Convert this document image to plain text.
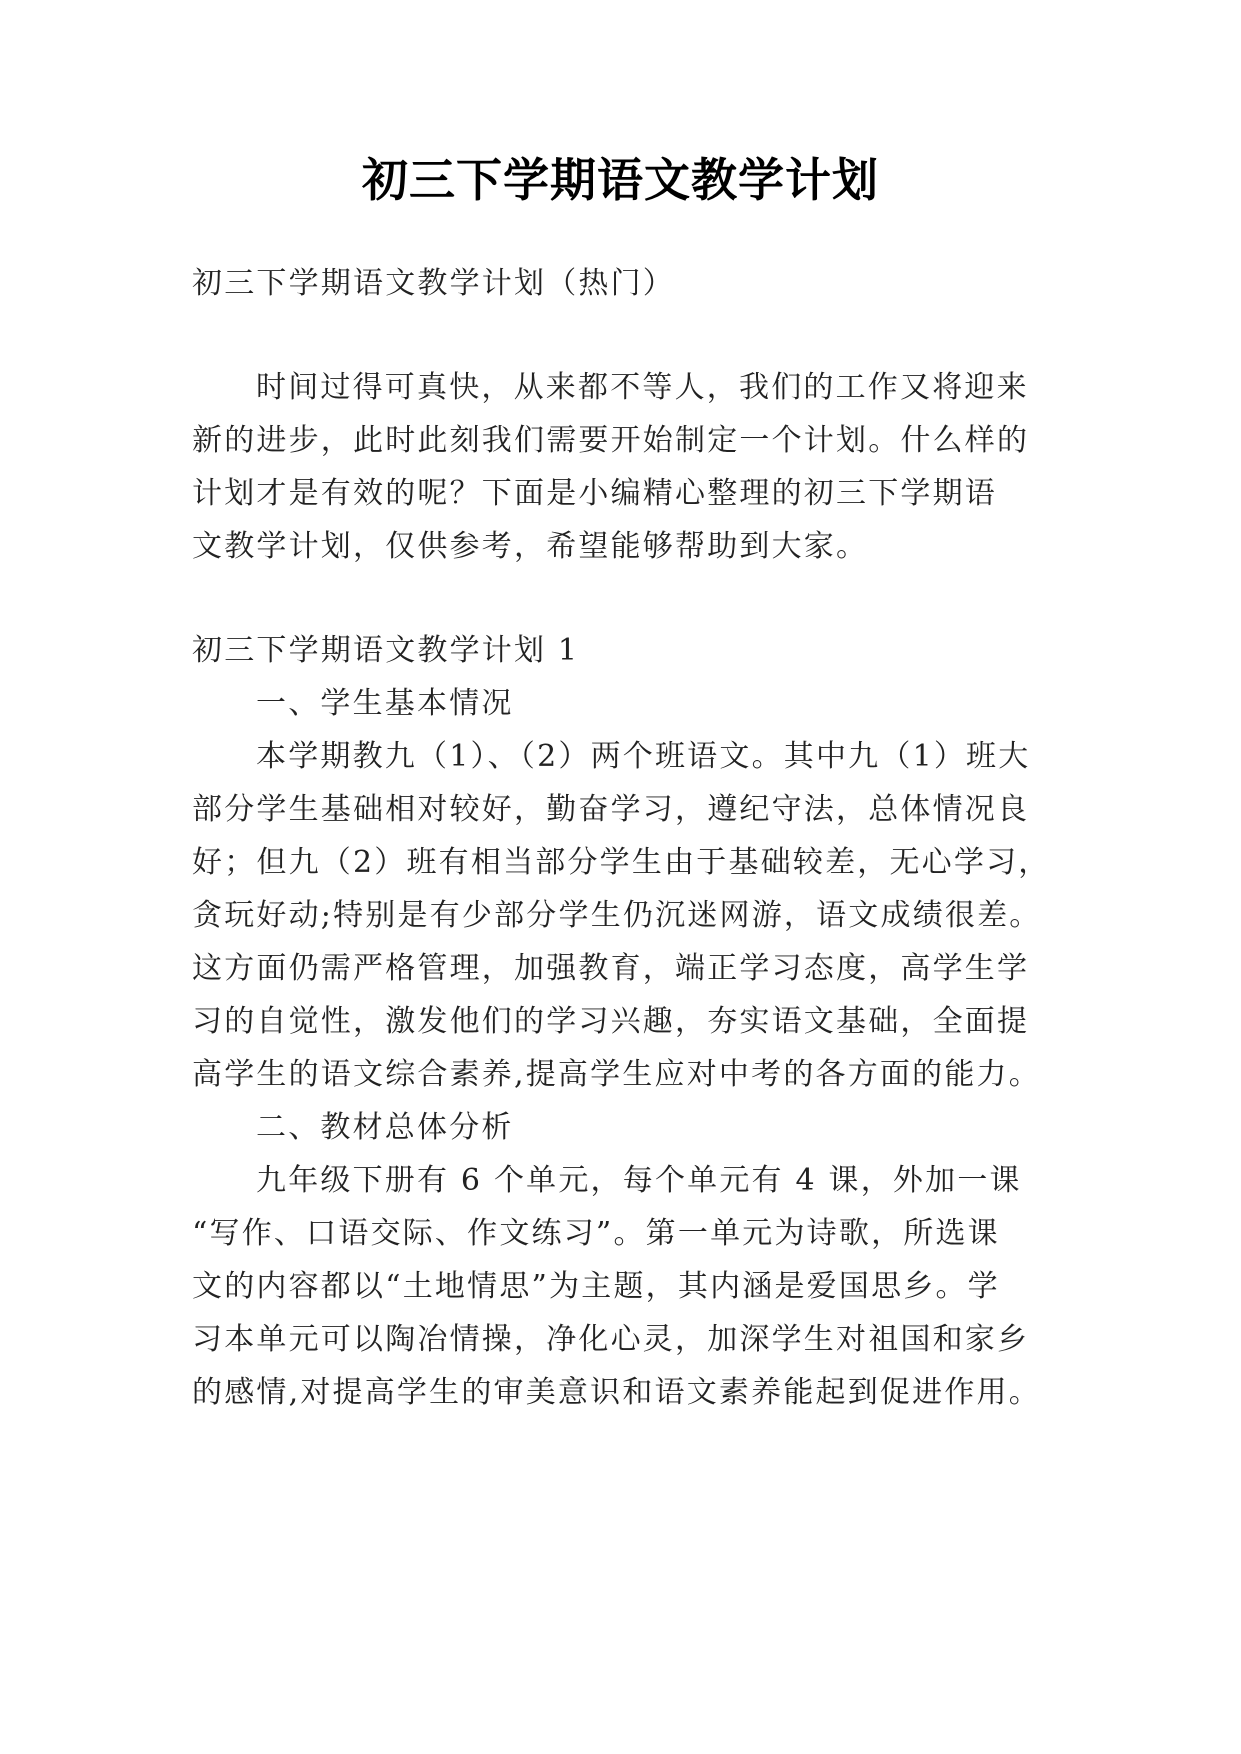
初三下学期语文教学计划
初三下学期语文教学计划（热门）
时间过得可真快，从来都不等人，我们的工作又将迎来
新的进步，此时此刻我们需要开始制定一个计划。什么样的
计划才是有效的呢？下面是小编精心整理的初三下学期语
文教学计划，仅供参考，希望能够帮助到大家。
初三下学期语文教学计划 1
一、学生基本情况
本学期教九（1）、（2）两个班语文。其中九（1）班大
部分学生基础相对较好，勤奋学习，遵纪守法，总体情况良
好；但九（2）班有相当部分学生由于基础较差，无心学习，
贪玩好动;特别是有少部分学生仍沉迷网游，语文成绩很差。
这方面仍需严格管理，加强教育，端正学习态度，高学生学
习的自觉性，激发他们的学习兴趣，夯实语文基础，全面提
高学生的语文综合素养,提高学生应对中考的各方面的能力。
二、教材总体分析
九年级下册有 6 个单元，每个单元有 4 课，外加一课
“写作、口语交际、作文练习”。第一单元为诗歌，所选课
文的内容都以“土地情思”为主题，其内涵是爱国思乡。学
习本单元可以陶冶情操，净化心灵，加深学生对祖国和家乡
的感情,对提高学生的审美意识和语文素养能起到促进作用。
